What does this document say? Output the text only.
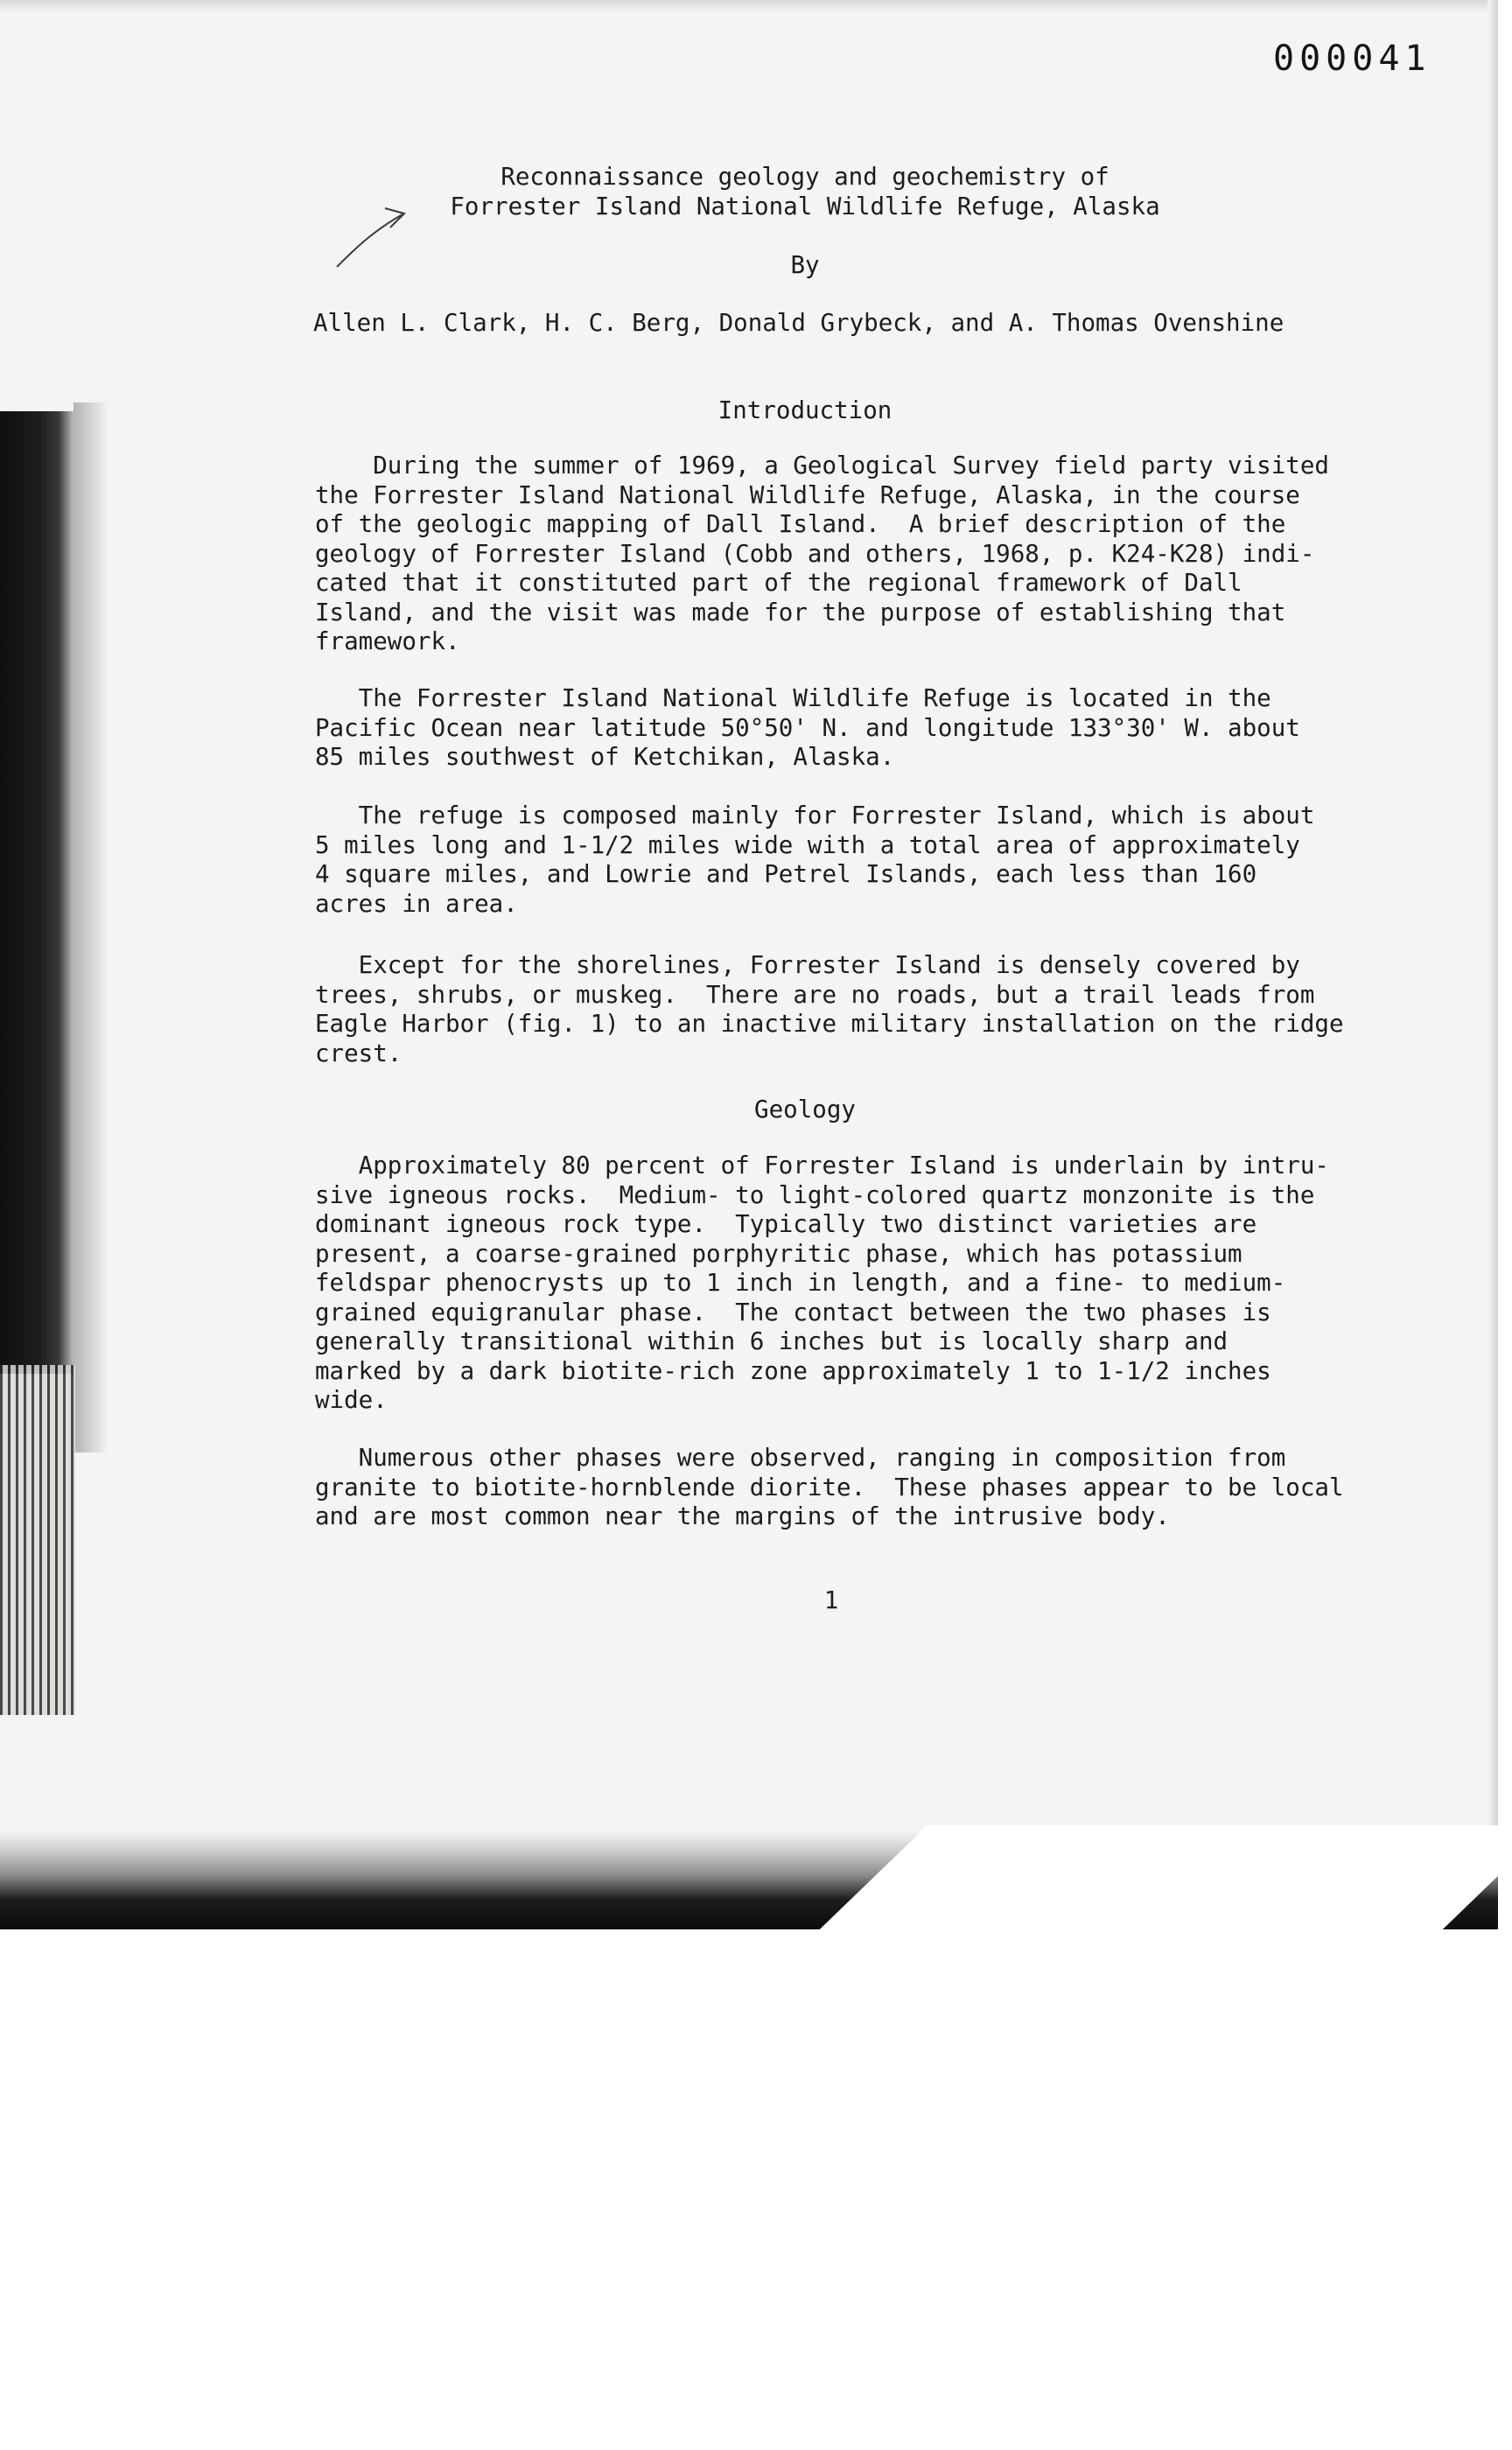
000041
Reconnaissance geology and geochemistry of
Forrester Island National Wildlife Refuge, Alaska
By
Allen L. Clark, H. C. Berg, Donald Grybeck, and A. Thomas Ovenshine
Introduction

During the summer of 1969, a Geological Survey field party visited
the Forrester Island National Wildlife Refuge, Alaska, in the course
of the geologic mapping of Dall Island.  A brief description of the
geology of Forrester Island (Cobb and others, 1968, p. K24-K28) indi-
cated that it constituted part of the regional framework of Dall
Island, and the visit was made for the purpose of establishing that
framework.

The Forrester Island National Wildlife Refuge is located in the
Pacific Ocean near latitude 50°50' N. and longitude 133°30' W. about
85 miles southwest of Ketchikan, Alaska.

The refuge is composed mainly for Forrester Island, which is about
5 miles long and 1-1/2 miles wide with a total area of approximately
4 square miles, and Lowrie and Petrel Islands, each less than 160
acres in area.

Except for the shorelines, Forrester Island is densely covered by
trees, shrubs, or muskeg.  There are no roads, but a trail leads from
Eagle Harbor (fig. 1) to an inactive military installation on the ridge
crest.

Geology

Approximately 80 percent of Forrester Island is underlain by intru-
sive igneous rocks.  Medium- to light-colored quartz monzonite is the
dominant igneous rock type.  Typically two distinct varieties are
present, a coarse-grained porphyritic phase, which has potassium
feldspar phenocrysts up to 1 inch in length, and a fine- to medium-
grained equigranular phase.  The contact between the two phases is
generally transitional within 6 inches but is locally sharp and
marked by a dark biotite-rich zone approximately 1 to 1-1/2 inches
wide.

Numerous other phases were observed, ranging in composition from
granite to biotite-hornblende diorite.  These phases appear to be local
and are most common near the margins of the intrusive body.

1
